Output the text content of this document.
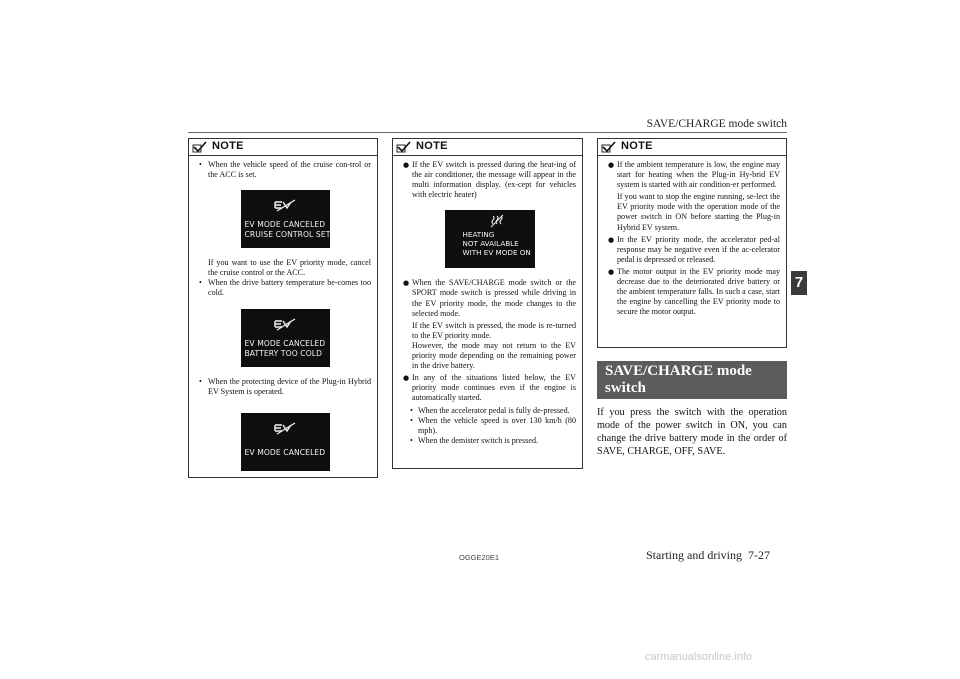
SAVE/CHARGE mode switch
7
NOTE
• When the vehicle speed of the cruise con-trol or the ACC is set.
EV MODE CANCELED
CRUISE CONTROL SET

If you want to use the EV priority mode, cancel the cruise control or the ACC.

• When the drive battery temperature be-comes too cold.
EV MODE CANCELED
BATTERY TOO COLD
• When the protecting device of the Plug-in Hybrid EV System is operated.
EV MODE CANCELED
NOTE
● If the EV switch is pressed during the heat-ing of the air conditioner, the message will appear in the multi information display. (ex-cept for vehicles with electric heater)
HEATING
NOT AVAILABLE
WITH EV MODE ON
● When the SAVE/CHARGE mode switch or the SPORT mode switch is pressed while driving in the EV priority mode, the mode changes to the selected mode.

If the EV switch is pressed, the mode is re-turned to the EV priority mode.

However, the mode may not return to the EV priority mode depending on the remaining power in the drive battery.

● In any of the situations listed below, the EV priority mode continues even if the engine is automatically started.
• When the accelerator pedal is fully de-pressed.
• When the vehicle speed is over 130 km/h (80 mph).
• When the demister switch is pressed.
NOTE
● If the ambient temperature is low, the engine may start for heating when the Plug-in Hy-brid EV system is started with air condition-er performed.

If you want to stop the engine running, se-lect the EV priority mode with the operation mode of the power switch in ON before starting the Plug-in Hybrid EV system.

● In the EV priority mode, the accelerator ped-al response may be negative even if the ac-celerator pedal is depressed or released.
● The motor output in the EV priority mode may decrease due to the deteriorated drive battery or the ambient temperature falls. In such a case, start the engine by cancelling the EV priority mode to secure the motor output.
SAVE/CHARGE mode switch
If you press the switch with the operation mode of the power switch in ON, you can change the drive battery mode in the order of SAVE, CHARGE, OFF, SAVE.
OGGE20E1	Starting and driving 7-27
carmanualsonline.info
